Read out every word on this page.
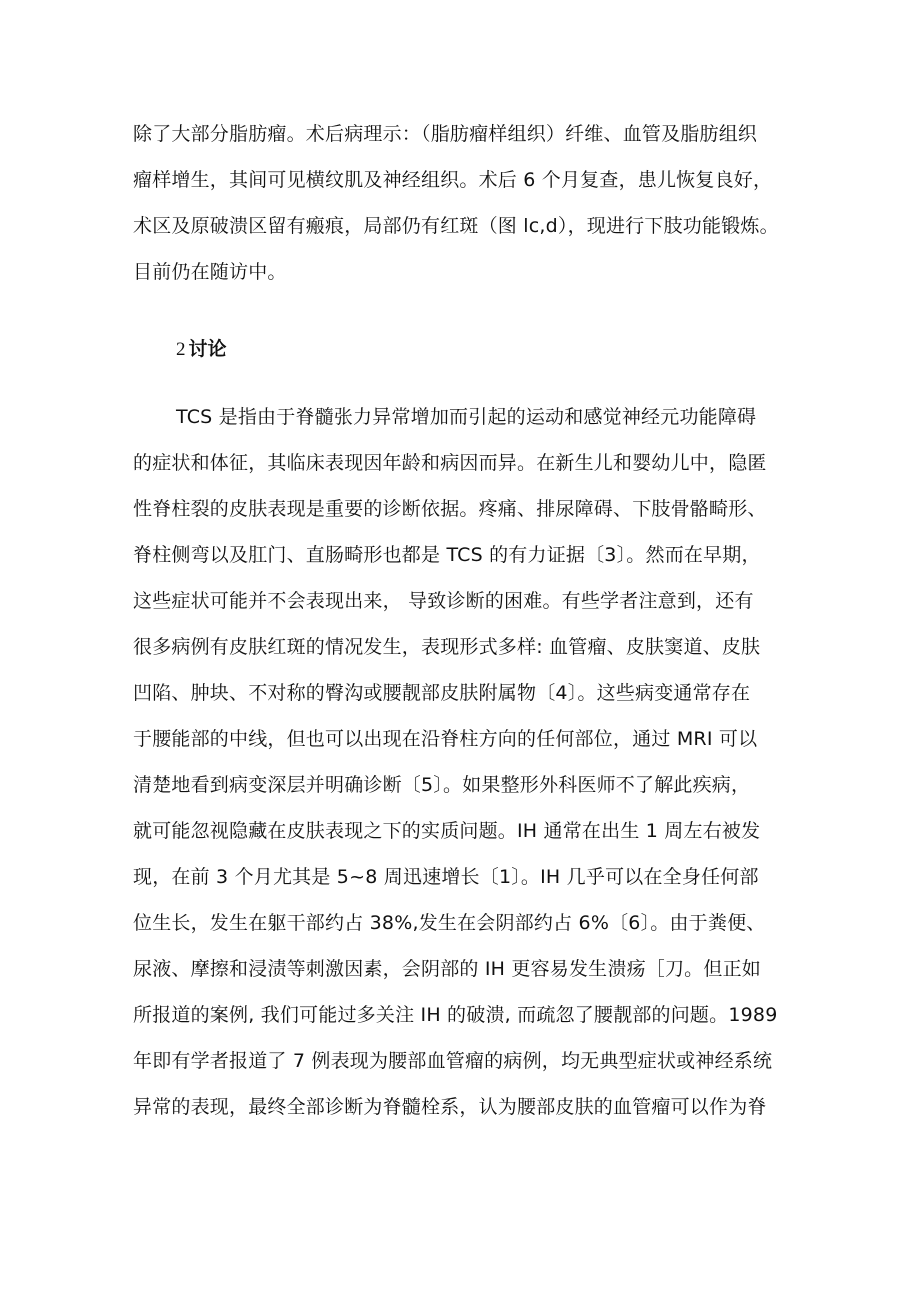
除了大部分脂肪瘤。术后病理示：（脂肪瘤样组织）纤维、血管及脂肪组织
瘤样增生，其间可见横纹肌及神经组织。术后 6 个月复查，患儿恢复良好，
术区及原破溃区留有瘢痕，局部仍有红斑（图 lc,d），现进行下肢功能锻炼。
目前仍在随访中。
2 讨论
TCS 是指由于脊髓张力异常增加而引起的运动和感觉神经元功能障碍
的症状和体征，其临床表现因年龄和病因而异。在新生儿和婴幼儿中，隐匿
性脊柱裂的皮肤表现是重要的诊断依据。疼痛、排尿障碍、下肢骨骼畸形、
脊柱侧弯以及肛门、直肠畸形也都是 TCS 的有力证据〔3〕。然而在早期，
这些症状可能并不会表现出来， 导致诊断的困难。有些学者注意到，还有
很多病例有皮肤红斑的情况发生，表现形式多样: 血管瘤、皮肤窦道、皮肤
凹陷、肿块、不对称的臀沟或腰靓部皮肤附属物〔4〕。这些病变通常存在
于腰能部的中线，但也可以出现在沿脊柱方向的任何部位，通过 MRI 可以
清楚地看到病变深层并明确诊断〔5〕。如果整形外科医师不了解此疾病，
就可能忽视隐藏在皮肤表现之下的实质问题。IH 通常在出生 1 周左右被发
现，在前 3 个月尤其是 5~8 周迅速增长〔1〕。IH 几乎可以在全身任何部
位生长，发生在躯干部约占 38%,发生在会阴部约占 6%〔6〕。由于粪便、
尿液、摩擦和浸渍等刺激因素，会阴部的 IH 更容易发生溃疡［刀。但正如
所报道的案例, 我们可能过多关注 IH 的破溃, 而疏忽了腰靓部的问题。1989
年即有学者报道了 7 例表现为腰部血管瘤的病例，均无典型症状或神经系统
异常的表现，最终全部诊断为脊髓栓系，认为腰部皮肤的血管瘤可以作为脊
